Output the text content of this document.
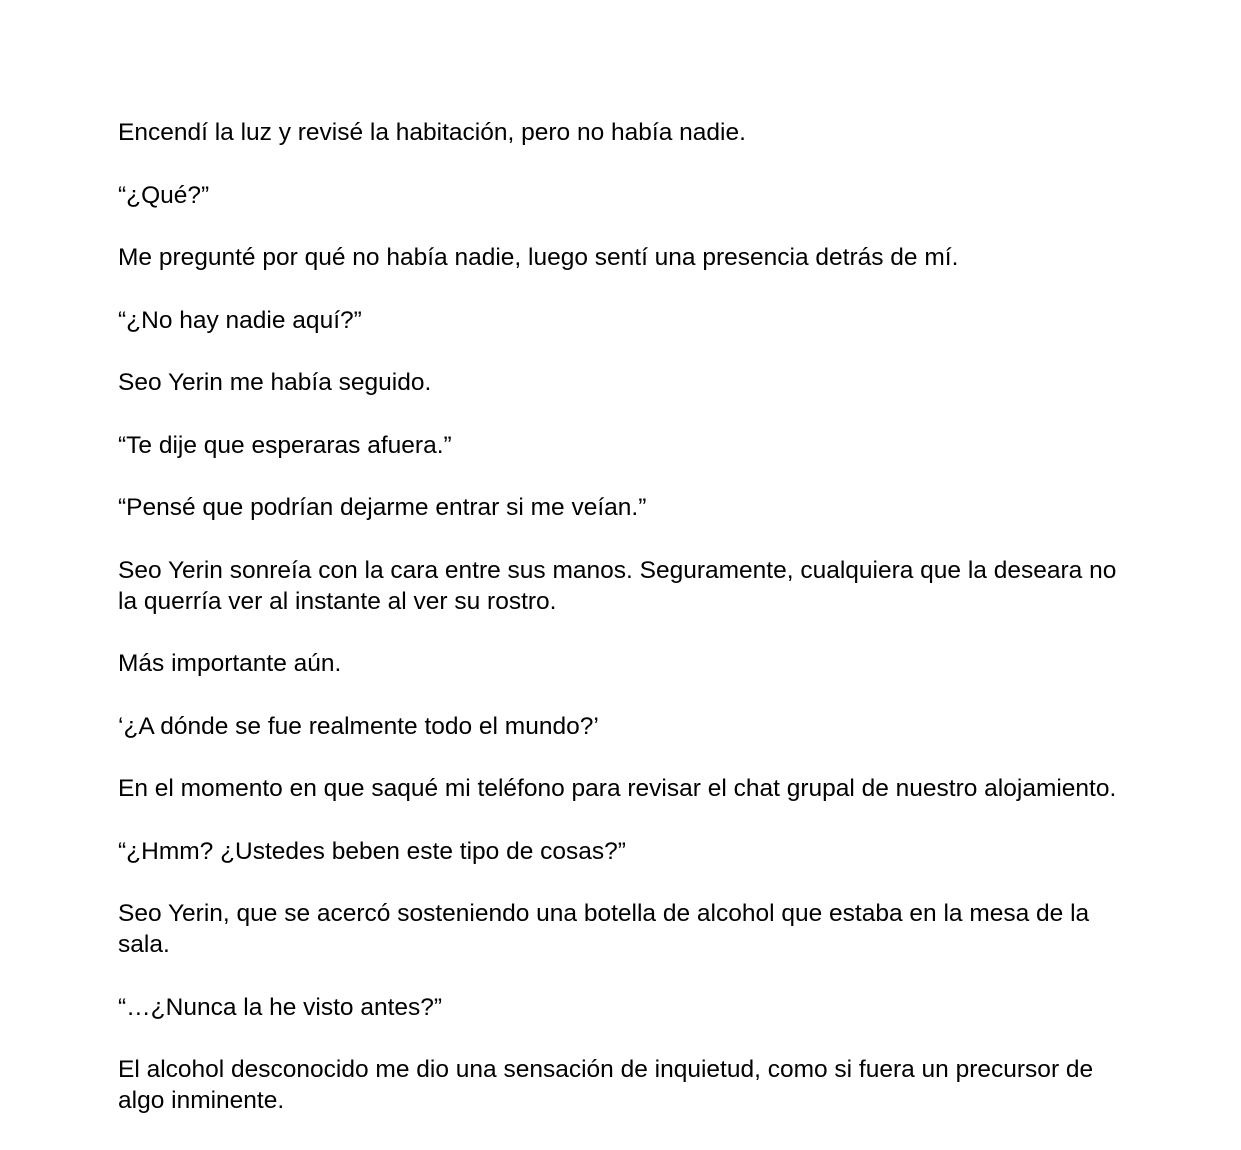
Encendí la luz y revisé la habitación, pero no había nadie.

“¿Qué?”

Me pregunté por qué no había nadie, luego sentí una presencia detrás de mí.

“¿No hay nadie aquí?”

Seo Yerin me había seguido.

“Te dije que esperaras afuera.”

“Pensé que podrían dejarme entrar si me veían.”

Seo Yerin sonreía con la cara entre sus manos. Seguramente, cualquiera que la deseara no la querría ver al instante al ver su rostro.

Más importante aún.

‘¿A dónde se fue realmente todo el mundo?’

En el momento en que saqué mi teléfono para revisar el chat grupal de nuestro alojamiento.

“¿Hmm? ¿Ustedes beben este tipo de cosas?”

Seo Yerin, que se acercó sosteniendo una botella de alcohol que estaba en la mesa de la sala.

“…¿Nunca la he visto antes?”

El alcohol desconocido me dio una sensación de inquietud, como si fuera un precursor de algo inminente.
